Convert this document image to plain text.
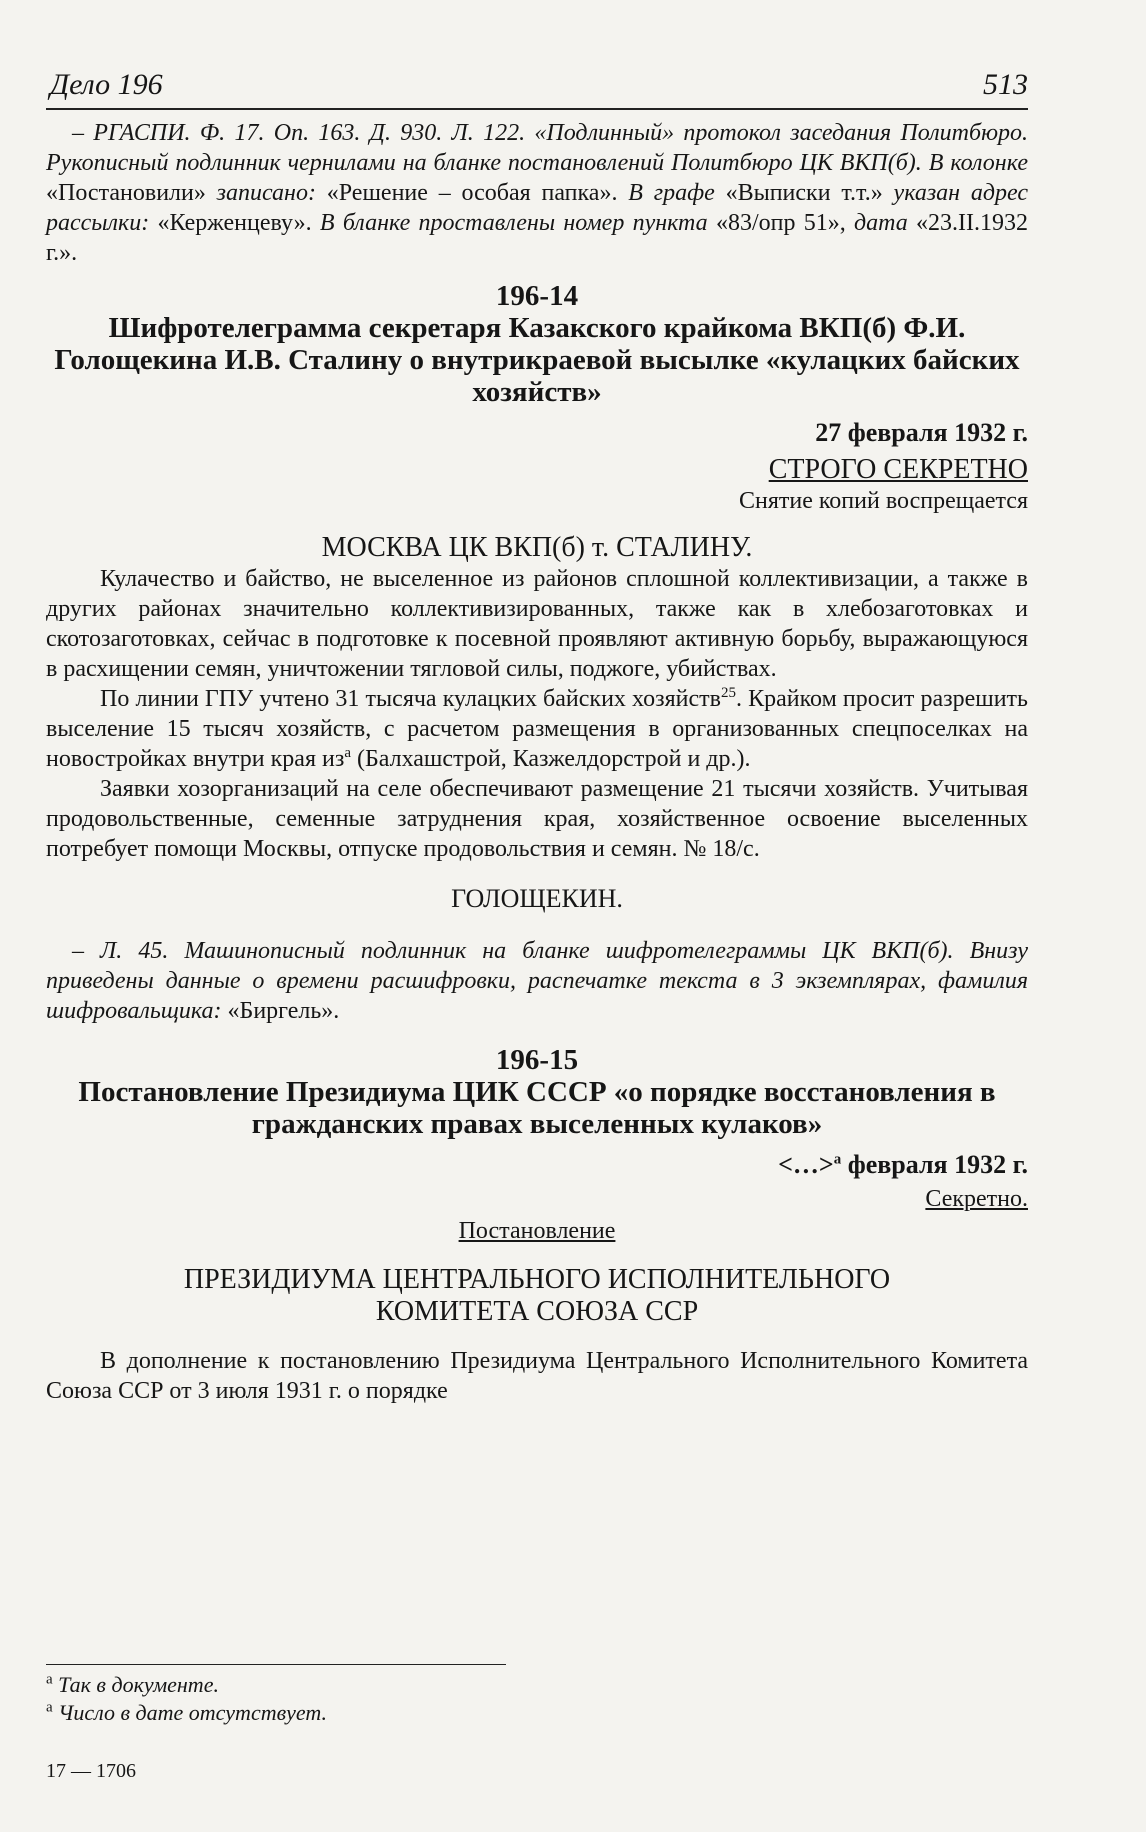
Дело 196	513

– РГАСПИ. Ф. 17. Оп. 163. Д. 930. Л. 122. «Подлинный» протокол заседания Политбюро. Рукописный подлинник чернилами на бланке постановлений Политбюро ЦК ВКП(б). В колонке «Постановили» записано: «Решение – особая папка». В графе «Выписки т.т.» указан адрес рассылки: «Керженцеву». В бланке проставлены номер пункта «83/опр 51», дата «23.II.1932 г.».

196-14
Шифротелеграмма секретаря Казакского крайкома ВКП(б) Ф.И. Голощекина И.В. Сталину о внутрикраевой высылке «кулацких байских хозяйств»
27 февраля 1932 г.
СТРОГО СЕКРЕТНО
Снятие копий воспрещается
МОСКВА ЦК ВКП(б) т. СТАЛИНУ.

Кулачество и байство, не выселенное из районов сплошной коллективизации, а также в других районах значительно коллективизированных, также как в хлебозаготовках и скотозаготовках, сейчас в подготовке к посевной проявляют активную борьбу, выражающуюся в расхищении семян, уничтожении тягловой силы, поджоге, убийствах.

По линии ГПУ учтено 31 тысяча кулацких байских хозяйств$^{25}$. Крайком просит разрешить выселение 15 тысяч хозяйств, с расчетом размещения в организованных спецпоселках на новостройках внутри края $из^а$ (Балхашстрой, Казжелдорстрой и др.).

Заявки хозорганизаций на селе обеспечивают размещение 21 тысячи хозяйств. Учитывая продовольственные, семенные затруднения края, хозяйственное освоение выселенных потребует помощи Москвы, отпуске продовольствия и семян. № 18/с.

ГОЛОЩЕКИН.

– Л. 45. Машинописный подлинник на бланке шифротелеграммы ЦК ВКП(б). Внизу приведены данные о времени расшифровки, распечатке текста в 3 экземплярах, фамилия шифровальщика: «Биргель».

196-15
Постановление Президиума ЦИК СССР «о порядке восстановления в гражданских правах выселенных кулаков»
<…>$^а$ февраля 1932 г.
Секретно.
Постановление
ПРЕЗИДИУМА ЦЕНТРАЛЬНОГО ИСПОЛНИТЕЛЬНОГО КОМИТЕТА СОЮЗА ССР

В дополнение к постановлению Президиума Центрального Исполнительного Комитета Союза ССР от 3 июля 1931 г. о порядке

$^а$ Так в документе.
$^а$ Число в дате отсутствует.
17 — 1706
